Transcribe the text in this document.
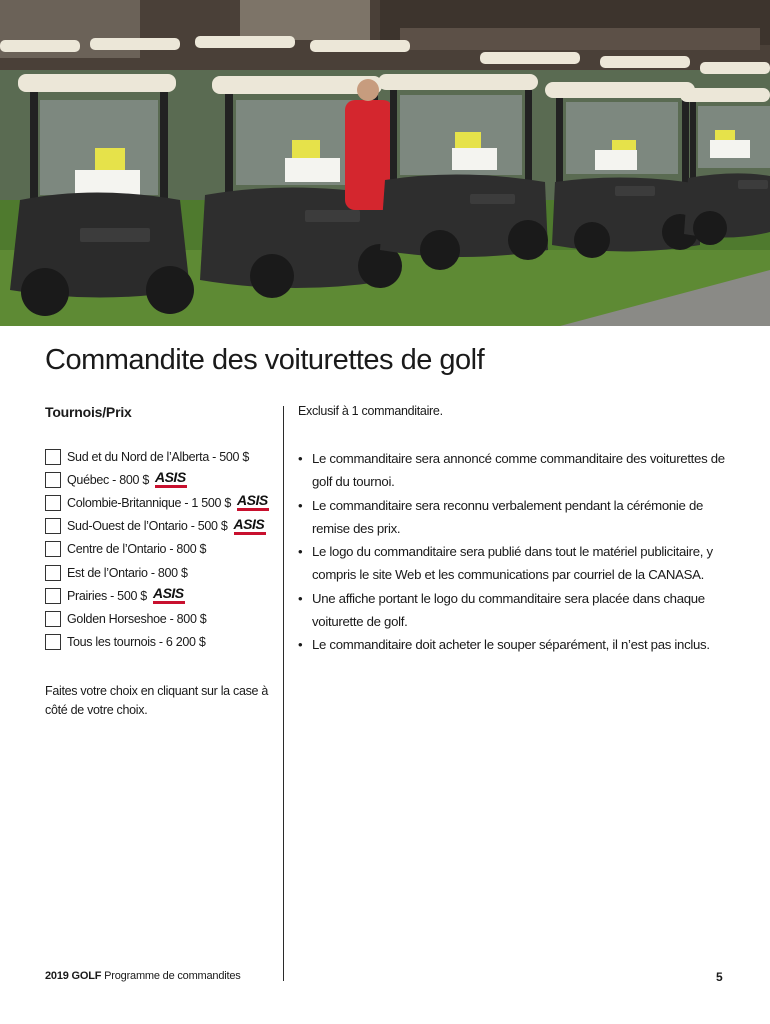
Commandite des voiturettes de golf
Tournois/Prix
Sud et du Nord de l’Alberta - 500 $
Québec - 800 $ ASIS
Colombie-Britannique - 1 500 $ ASIS
Sud-Ouest de l’Ontario - 500 $ ASIS
Centre de l’Ontario - 800 $
Est de l’Ontario - 800 $
Prairies - 500 $ ASIS
Golden Horseshoe - 800 $
Tous les tournois - 6 200 $
Faites votre choix en cliquant sur la case à côté de votre choix.
Exclusif à 1 commanditaire.
• Le commanditaire sera annoncé comme commanditaire des voiturettes de golf du tournoi.
• Le commanditaire sera reconnu verbalement pendant la cérémonie de remise des prix.
• Le logo du commanditaire sera publié dans tout le matériel publicitaire, y compris le site Web et les communications par courriel de la CANASA.
• Une affiche portant le logo du commanditaire sera placée dans chaque voiturette de golf.
• Le commanditaire doit acheter le souper séparément, il n’est pas inclus.
2019 GOLF Programme de commandites	5
